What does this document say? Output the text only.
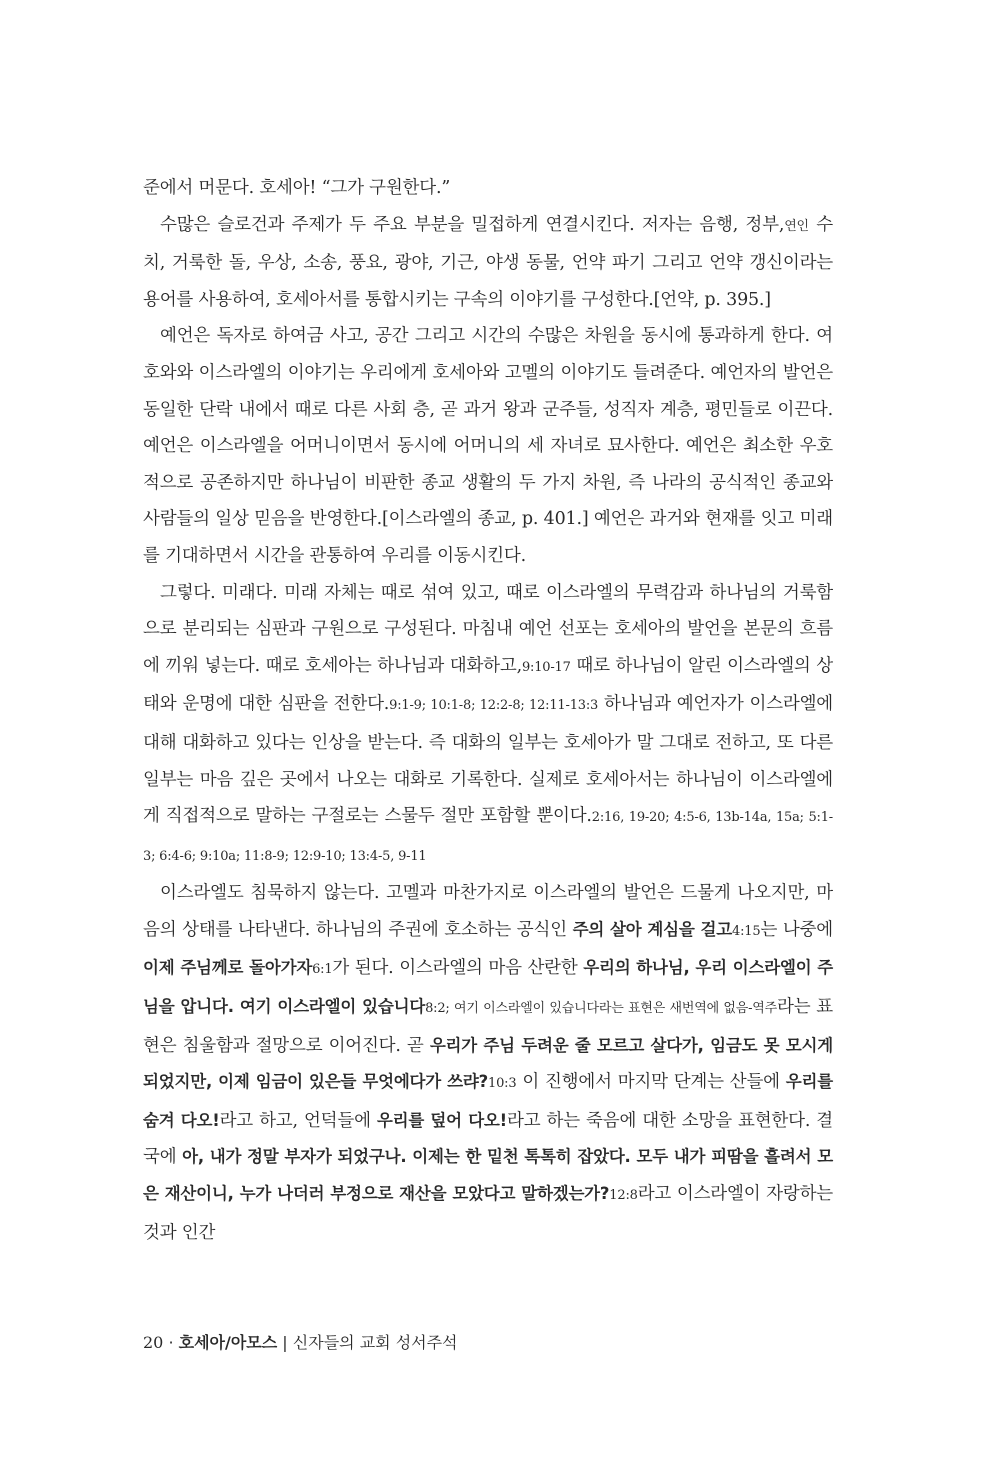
준에서 머문다. 호세아! “그가 구원한다.”

수많은 슬로건과 주제가 두 주요 부분을 밀접하게 연결시킨다. 저자는 음행, 정부,연인 수치, 거룩한 돌, 우상, 소송, 풍요, 광야, 기근, 야생 동물, 언약 파기 그리고 언약 갱신이라는 용어를 사용하여, 호세아서를 통합시키는 구속의 이야기를 구성한다.[언약, p. 395.]

예언은 독자로 하여금 사고, 공간 그리고 시간의 수많은 차원을 동시에 통과하게 한다. 여호와와 이스라엘의 이야기는 우리에게 호세아와 고멜의 이야기도 들려준다. 예언자의 발언은 동일한 단락 내에서 때로 다른 사회 층, 곧 과거 왕과 군주들, 성직자 계층, 평민들로 이끈다. 예언은 이스라엘을 어머니이면서 동시에 어머니의 세 자녀로 묘사한다. 예언은 최소한 우호적으로 공존하지만 하나님이 비판한 종교 생활의 두 가지 차원, 즉 나라의 공식적인 종교와 사람들의 일상 믿음을 반영한다.[이스라엘의 종교, p. 401.] 예언은 과거와 현재를 잇고 미래를 기대하면서 시간을 관통하여 우리를 이동시킨다.

그렇다. 미래다. 미래 자체는 때로 섞여 있고, 때로 이스라엘의 무력감과 하나님의 거룩함으로 분리되는 심판과 구원으로 구성된다. 마침내 예언 선포는 호세아의 발언을 본문의 흐름에 끼워 넣는다. 때로 호세아는 하나님과 대화하고,9:10-17 때로 하나님이 알린 이스라엘의 상태와 운명에 대한 심판을 전한다.9:1-9; 10:1-8; 12:2-8; 12:11-13:3 하나님과 예언자가 이스라엘에 대해 대화하고 있다는 인상을 받는다. 즉 대화의 일부는 호세아가 말 그대로 전하고, 또 다른 일부는 마음 깊은 곳에서 나오는 대화로 기록한다. 실제로 호세아서는 하나님이 이스라엘에게 직접적으로 말하는 구절로는 스물두 절만 포함할 뿐이다.2:16, 19-20; 4:5-6, 13b-14a, 15a; 5:1-3; 6:4-6; 9:10a; 11:8-9; 12:9-10; 13:4-5, 9-11

이스라엘도 침묵하지 않는다. 고멜과 마찬가지로 이스라엘의 발언은 드물게 나오지만, 마음의 상태를 나타낸다. 하나님의 주권에 호소하는 공식인 주의 살아 계심을 걸고4:15는 나중에 이제 주님께로 돌아가자6:1가 된다. 이스라엘의 마음 산란한 우리의 하나님, 우리 이스라엘이 주님을 압니다. 여기 이스라엘이 있습니다8:2; 여기 이스라엘이 있습니다라는 표현은 새번역에 없음-역주라는 표현은 침울함과 절망으로 이어진다. 곧 우리가 주님 두려운 줄 모르고 살다가, 임금도 못 모시게 되었지만, 이제 임금이 있은들 무엇에다가 쓰랴?10:3 이 진행에서 마지막 단계는 산들에 우리를 숨겨 다오!라고 하고, 언덕들에 우리를 덮어 다오!라고 하는 죽음에 대한 소망을 표현한다. 결국에 아, 내가 정말 부자가 되었구나. 이제는 한 밑천 톡톡히 잡았다. 모두 내가 피땀을 흘려서 모은 재산이니, 누가 나더러 부정으로 재산을 모았다고 말하겠는가?12:8라고 이스라엘이 자랑하는 것과 인간

20 · 호세아/아모스 | 신자들의 교회 성서주석
